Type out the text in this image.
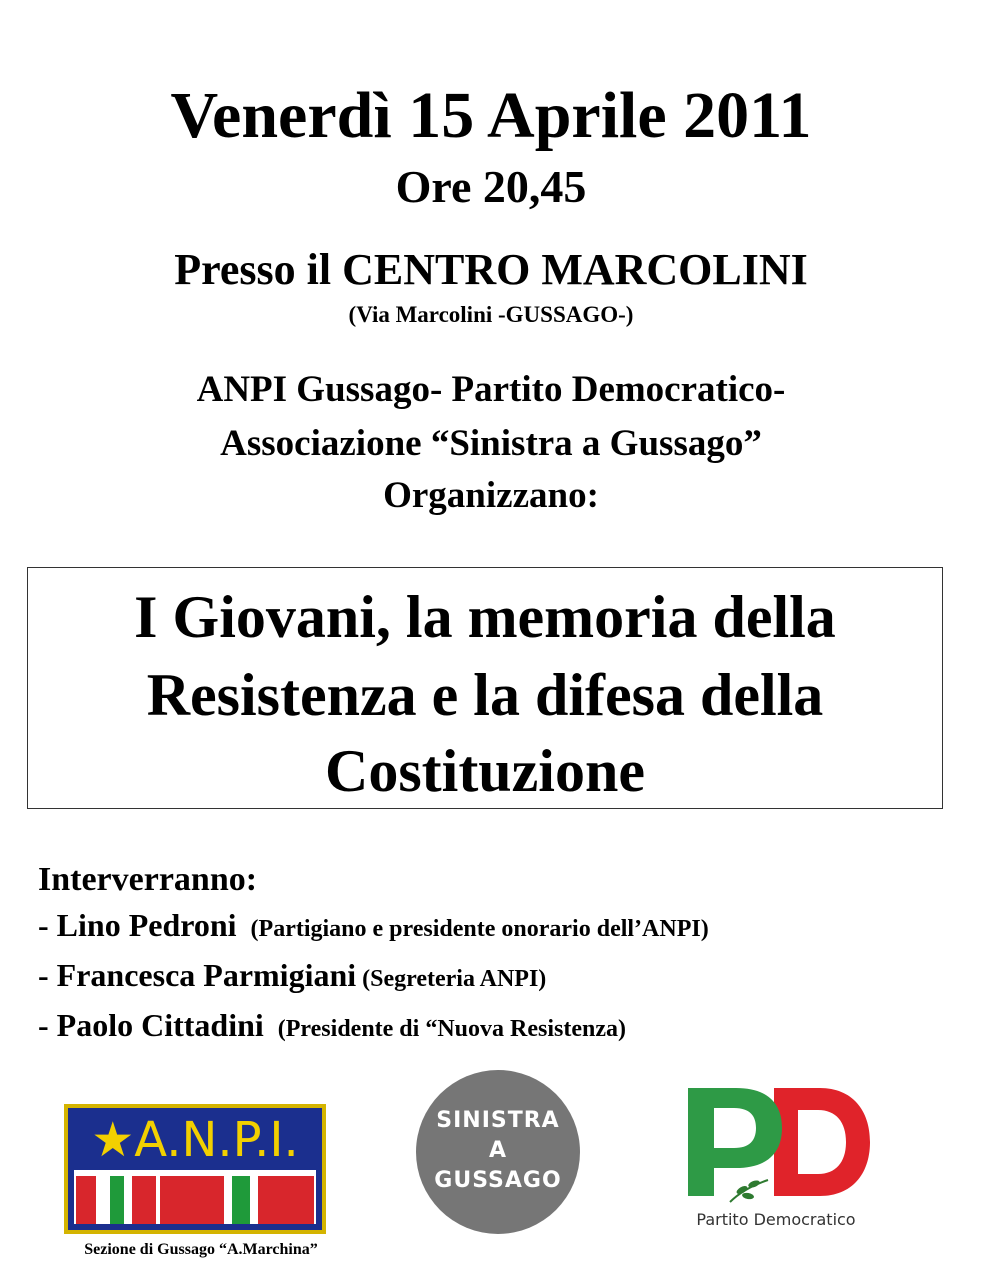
Venerdì 15 Aprile 2011
Ore 20,45
Presso il CENTRO MARCOLINI
(Via Marcolini -GUSSAGO-)
ANPI Gussago- Partito Democratico-
Associazione “Sinistra a Gussago”
Organizzano:
I Giovani, la memoria della
Resistenza e la difesa della
Costituzione
Interverranno:
- Lino Pedroni (Partigiano e presidente onorario dell’ANPI)
- Francesca Parmigiani (Segreteria ANPI)
- Paolo Cittadini (Presidente di “Nuova Resistenza)
★A.N.P.I.
Sezione di Gussago “A.Marchina”
SINISTRA
A
GUSSAGO
Partito Democratico
